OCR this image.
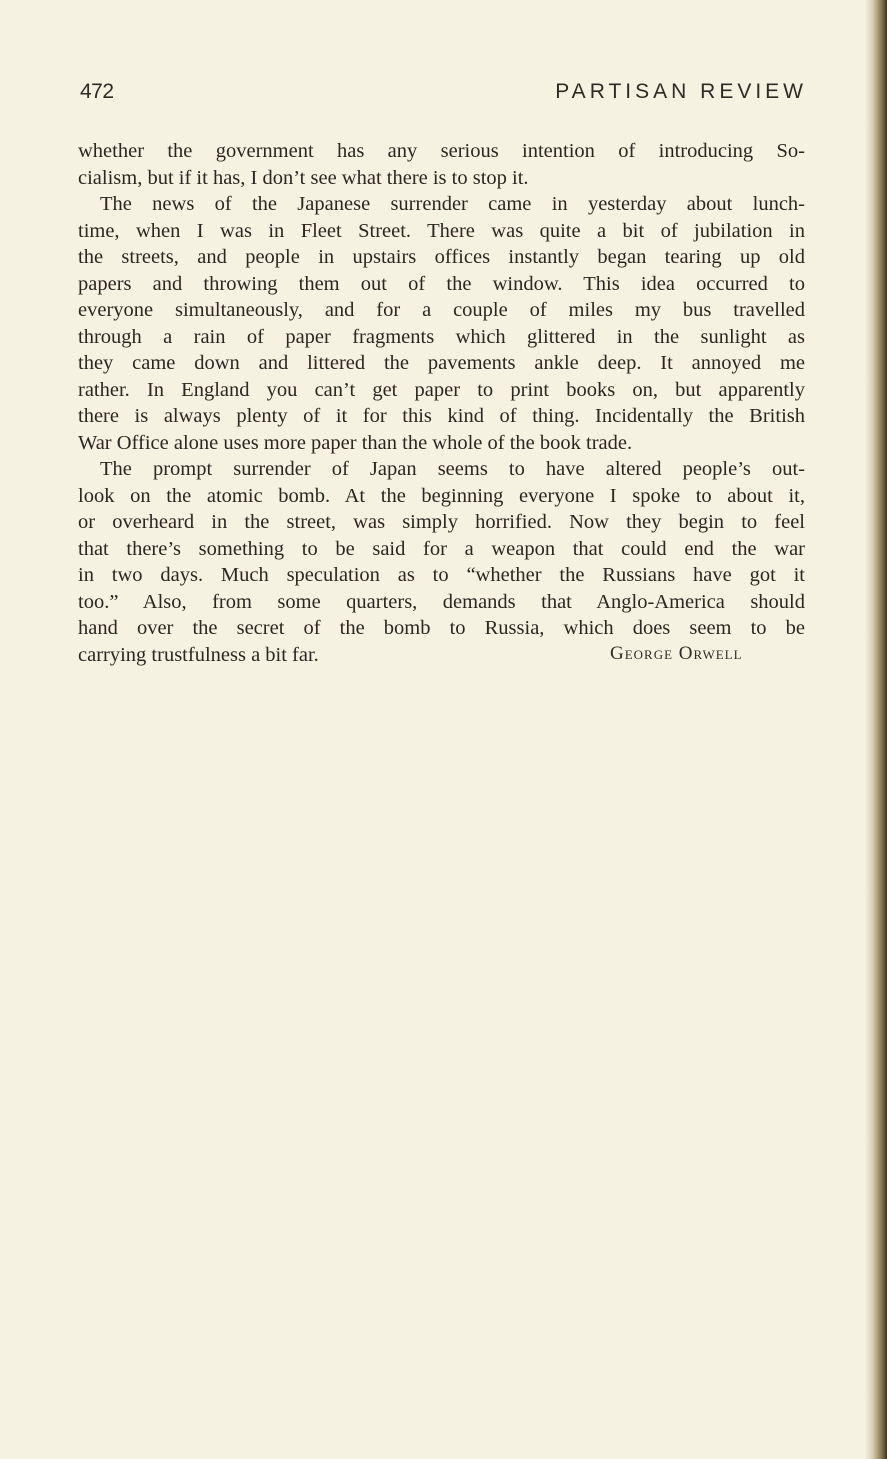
472	PARTISAN REVIEW
whether the government has any serious intention of introducing So-
cialism, but if it has, I don’t see what there is to stop it.
The news of the Japanese surrender came in yesterday about lunch-
time, when I was in Fleet Street. There was quite a bit of jubilation in
the streets, and people in upstairs offices instantly began tearing up old
papers and throwing them out of the window. This idea occurred to
everyone simultaneously, and for a couple of miles my bus travelled
through a rain of paper fragments which glittered in the sunlight as
they came down and littered the pavements ankle deep. It annoyed me
rather. In England you can’t get paper to print books on, but apparently
there is always plenty of it for this kind of thing. Incidentally the British
War Office alone uses more paper than the whole of the book trade.
The prompt surrender of Japan seems to have altered people’s out-
look on the atomic bomb. At the beginning everyone I spoke to about it,
or overheard in the street, was simply horrified. Now they begin to feel
that there’s something to be said for a weapon that could end the war
in two days. Much speculation as to “whether the Russians have got it
too.” Also, from some quarters, demands that Anglo-America should
hand over the secret of the bomb to Russia, which does seem to be
carrying trustfulness a bit far.	George Orwell
